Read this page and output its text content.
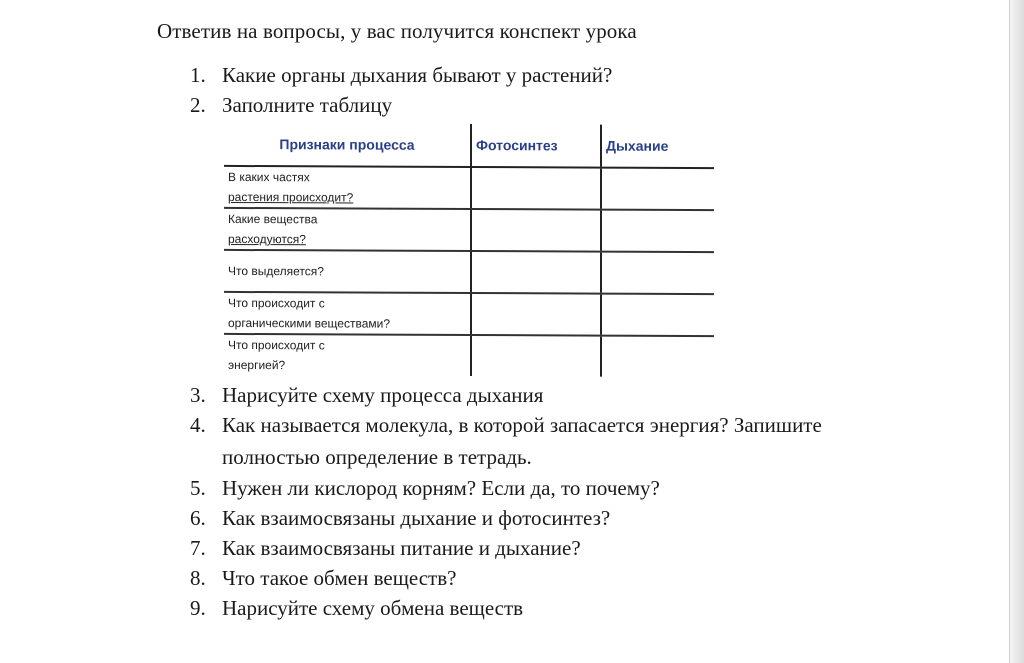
Ответив на вопросы, у вас получится конспект урока
1. Какие органы дыхания бывают у растений?
2. Заполните таблицу
Признаки процесса	Фотосинтез	Дыхание

В каких частях
растения происходит?		

Какие вещества
расходуются?		

Что выделяется?		

Что происходит с
органическими веществами?		

Что происходит с
энергией?		

3. Нарисуйте схему процесса дыхания
4. Как называется молекула, в которой запасается энергия? Запишите
полностью определение в тетрадь.
5. Нужен ли кислород корням? Если да, то почему?
6. Как взаимосвязаны дыхание и фотосинтез?
7. Как взаимосвязаны питание и дыхание?
8. Что такое обмен веществ?
9. Нарисуйте схему обмена веществ
